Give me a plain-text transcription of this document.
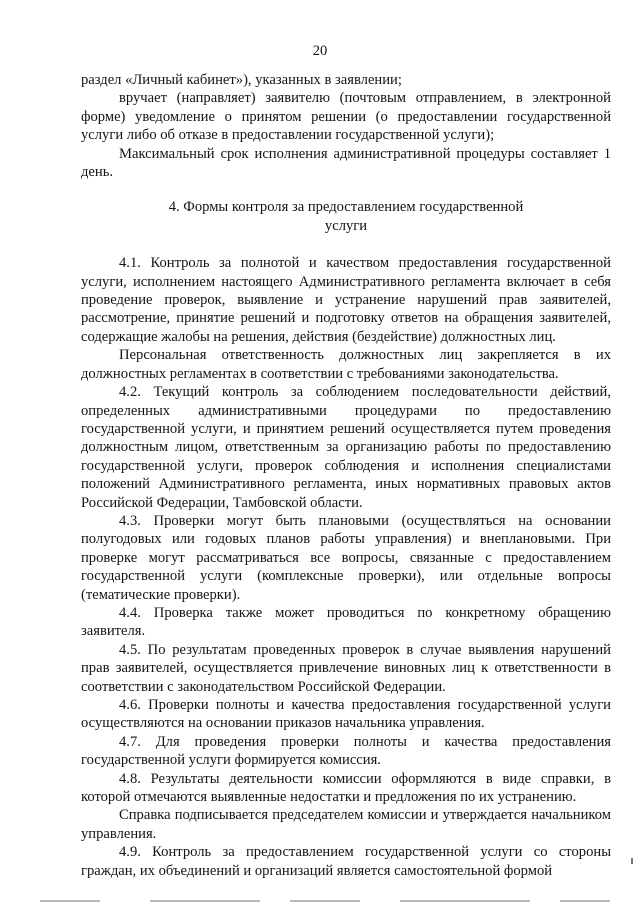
20

раздел «Личный кабинет»), указанных в заявлении;

вручает (направляет) заявителю (почтовым отправлением, в электронной форме) уведомление о принятом решении (о предоставлении государственной услуги либо об отказе в предоставлении государственной услуги);

Максимальный срок исполнения административной процедуры составляет 1 день.

4. Формы контроля за предоставлением государственной
услуги

4.1. Контроль за полнотой и качеством предоставления государственной услуги, исполнением настоящего Административного регламента включает в себя проведение проверок, выявление и устранение нарушений прав заявителей, рассмотрение, принятие решений и подготовку ответов на обращения заявителей, содержащие жалобы на решения, действия (бездействие) должностных лиц.

Персональная ответственность должностных лиц закрепляется в их должностных регламентах в соответствии с требованиями законодательства.

4.2. Текущий контроль за соблюдением последовательности действий, определенных административными процедурами по предоставлению государственной услуги, и принятием решений осуществляется путем проведения должностным лицом, ответственным за организацию работы по предоставлению государственной услуги, проверок соблюдения и исполнения специалистами положений Административного регламента, иных нормативных правовых актов Российской Федерации, Тамбовской области.

4.3. Проверки могут быть плановыми (осуществляться на основании полугодовых или годовых планов работы управления) и внеплановыми. При проверке могут рассматриваться все вопросы, связанные с предоставлением государственной услуги (комплексные проверки), или отдельные вопросы (тематические проверки).

4.4. Проверка также может проводиться по конкретному обращению заявителя.

4.5. По результатам проведенных проверок в случае выявления нарушений прав заявителей, осуществляется привлечение виновных лиц к ответственности в соответствии с законодательством Российской Федерации.

4.6. Проверки полноты и качества предоставления государственной услуги осуществляются на основании приказов начальника управления.

4.7. Для проведения проверки полноты и качества предоставления государственной услуги формируется комиссия.

4.8. Результаты деятельности комиссии оформляются в виде справки, в которой отмечаются выявленные недостатки и предложения по их устранению.

Справка подписывается председателем комиссии и утверждается начальником управления.

4.9. Контроль за предоставлением государственной услуги со стороны граждан, их объединений и организаций является самостоятельной формой
